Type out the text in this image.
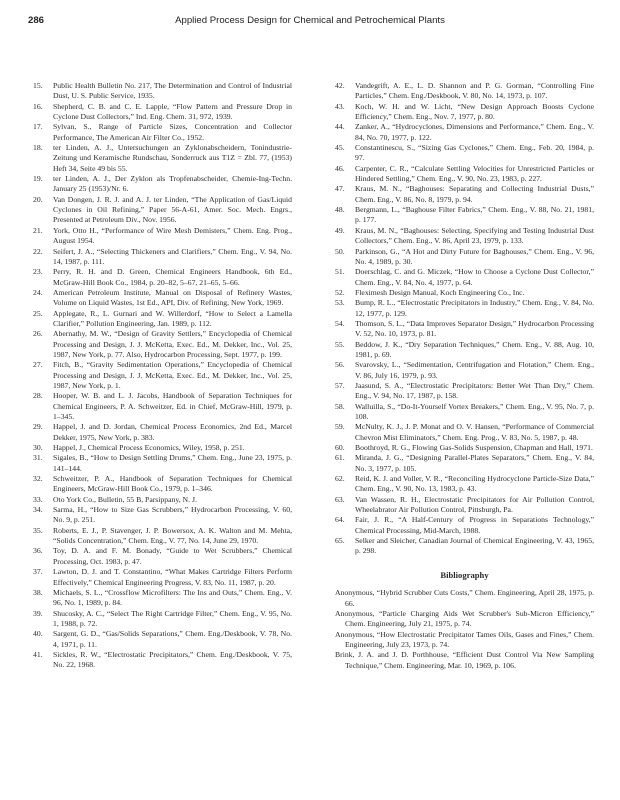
286	Applied Process Design for Chemical and Petrochemical Plants

15. Public Health Bulletin No. 217, The Determination and Control of Industrial Dust, U. S. Public Service, 1935.

16. Shepherd, C. B. and C. E. Lapple, “Flow Pattern and Pressure Drop in Cyclone Dust Collectors,” Ind. Eng. Chem. 31, 972, 1939.

17. Sylvan, S., Range of Particle Sizes, Concentration and Collector Performance, The American Air Filter Co., 1952.

18. ter Linden, A. J., Untersuchungen an Zyklonabscheidern, Tonindustrie-Zeitung und Keramische Rundschau, Sonderruck aus T1Z = Zbl. 77, (1953) Heft 34, Seite 49 bis 55.

19. ter Linden, A. J., Der Zyklon als Tropfenabscheider, Chemie-Ing-Techn. January 25 (1953)/Nr. 6.

20. Van Dongen, J. R. J. and A. J. ter Linden, “The Application of Gas/Liquid Cyclones in Oil Refining,” Paper 56-A-61, Amer. Soc. Mech. Engrs., Presented at Petroleum Div., Nov. 1956.

21. York, Otto H., “Performance of Wire Mesh Demisters,” Chem. Eng. Prog., August 1954.

22. Seifert, J. A., “Selecting Thickeners and Clarifiers,” Chem. Eng., V. 94, No. 14, 1987, p. 111.

23. Perry, R. H. and D. Green, Chemical Engineers Handbook, 6th Ed., McGraw-Hill Book Co., 1984, p. 20–82, 5–67, 21–65, 5–66.

24. American Petroleum Institute, Manual on Disposal of Refinery Wastes, Volume on Liquid Wastes, 1st Ed., API, Div. of Refining, New York, 1969.

25. Applegate, R., L. Gurnari and W. Willerdorf, “How to Select a Lamella Clarifier,” Pollution Engineering, Jan. 1989, p. 112.

26. Abernathy, M. W., “Design of Gravity Settlers,” Encyclopedia of Chemical Processing and Design, J. J. McKetta, Exec. Ed., M. Dekker, Inc., Vol. 25, 1987, New York, p. 77. Also, Hydrocarbon Processing, Sept. 1977, p. 199.

27. Fitch, B., “Gravity Sedimentation Operations,” Encyclopedia of Chemical Processing and Design, J. J. McKetta, Exec. Ed., M. Dekker, Inc., Vol. 25, 1987, New York, p. 1.

28. Hooper, W. B. and L. J. Jacobs, Handbook of Separation Techniques for Chemical Engineers, P. A. Schweitzer, Ed. in Chief, McGraw-Hill, 1979, p. 1–345.

29. Happel, J. and D. Jordan, Chemical Process Economics, 2nd Ed., Marcel Dekker, 1975, New York, p. 383.

30. Happel, J., Chemical Process Economics, Wiley, 1958, p. 251.

31. Sigales, B., “How to Design Settling Drums,” Chem. Eng., June 23, 1975, p. 141–144.

32. Schweitzer, P. A., Handbook of Separation Techniques for Chemical Engineers, McGraw-Hill Book Co., 1979, p. 1–346.

33. Oto York Co., Bulletin, 55 B, Parsippany, N. J.

34. Sarma, H., “How to Size Gas Scrubbers,” Hydrocarbon Processing, V. 60, No. 9, p. 251.

35. Roberts, E. J., P. Stavenger, J. P. Bowersox, A. K. Walton and M. Mehta, “Solids Concentration,” Chem. Eng., V. 77, No. 14, June 29, 1970.

36. Toy, D. A. and F. M. Bonady, “Guide to Wet Scrubbers,” Chemical Processing, Oct. 1983, p. 47.

37. Lawton, D. J. and T. Constantino, “What Makes Cartridge Filters Perform Effectively,” Chemical Engineering Progress, V. 83, No. 11, 1987, p. 20.

38. Michaels, S. L., “Crossflow Microfilters: The Ins and Outs,” Chem. Eng., V. 96, No. 1, 1989, p. 84.

39. Shucosky, A. C., “Select The Right Cartridge Filter,” Chem. Eng., V. 95, No. 1, 1988, p. 72.

40. Sargent, G. D., “Gas/Solids Separations,” Chem. Eng./Deskbook, V. 78, No. 4, 1971, p. 11.

41. Sickles, R. W., “Electrostatic Precipitators,” Chem. Eng./Deskbook, V. 75, No. 22, 1968.

42. Vandegrift, A. E., L. D. Shannon and P. G. Gorman, “Controlling Fine Particles,” Chem. Eng./Deskbook, V. 80, No. 14, 1973, p. 107.

43. Koch, W. H. and W. Licht, “New Design Approach Boosts Cyclone Efficiency,” Chem. Eng., Nov. 7, 1977, p. 80.

44. Zanker, A., “Hydrocyclones, Dimensions and Performance,” Chem. Eng., V. 84, No. 70, 1977, p. 122.

45. Constantinescu, S., “Sizing Gas Cyclones,” Chem. Eng., Feb. 20, 1984, p. 97.

46. Carpenter, C. R., “Calculate Settling Velocities for Unrestricted Particles or Hindered Settling,” Chem. Eng., V. 90, No. 23, 1983, p. 227.

47. Kraus, M. N., “Baghouses: Separating and Collecting Industrial Dusts,” Chem. Eng., V. 86, No. 8, 1979, p. 94.

48. Bergmann, L., “Baghouse Filter Fabrics,” Chem. Eng., V. 88, No. 21, 1981, p. 177.

49. Kraus, M. N., “Baghouses: Selecting, Specifying and Testing Industrial Dust Collectors,” Chem. Eng., V. 86, April 23, 1979, p. 133.

50. Parkinson, G., “A Hot and Dirty Future for Baghouses,” Chem. Eng., V. 96, No. 4, 1989, p. 30.

51. Doerschlag, C. and G. Miczek, “How to Choose a Cyclone Dust Collector,” Chem. Eng., V. 84, No. 4, 1977, p. 64.

52. Fleximesh Design Manual, Koch Engineering Co., Inc.

53. Bump, R. L., “Electrostatic Precipitators in Industry,” Chem. Eng., V. 84, No. 12, 1977, p. 129.

54. Thomson, S. L., “Data Improves Separator Design,” Hydrocarbon Processing V. 52, No. 10, 1973, p. 81.

55. Beddow, J. K., “Dry Separation Techniques,” Chem. Eng., V. 88, Aug. 10, 1981, p. 69.

56. Svarovsky, L., “Sedimentation, Centrifugation and Flotation,” Chem. Eng., V. 86, July 16, 1979, p. 93.

57. Jaasund, S. A., “Electrostatic Precipitators: Better Wet Than Dry,” Chem. Eng., V. 94, No. 17, 1987, p. 158.

58. Walluilla, S., “Do-It-Yourself Vortex Breakers,” Chem. Eng., V. 95, No. 7, p. 108.

59. McNulty, K. J., J. P. Monat and O. V. Hansen, “Performance of Commercial Chevron Mist Eliminators,” Chem. Eng. Prog., V. 83, No. 5, 1987, p. 48.

60. Boothroyd, R. G., Flowing Gas-Solids Suspension, Chapman and Hall, 1971.

61. Miranda, J. G., “Designing Parallel-Plates Separators,” Chem. Eng., V. 84, No. 3, 1977, p. 105.

62. Reid, K. J. and Voller, V. R., “Reconciling Hydrocyclone Particle-Size Data,” Chem. Eng., V. 90, No. 13, 1983, p. 43.

63. Van Wassen, R. H., Electrostatic Precipitators for Air Pollution Control, Wheelabrator Air Pollution Control, Pittsburgh, Pa.

64. Fair, J. R., “A Half-Century of Progress in Separations Technology,” Chemical Processing, Mid-March, 1988.

65. Selker and Sleicher, Canadian Journal of Chemical Engineering, V. 43, 1965, p. 298.

Bibliography

Anonymous, “Hybrid Scrubber Cuts Costs,” Chem. Engineering, April 28, 1975, p. 66.

Anonymous, “Particle Charging Aids Wet Scrubber's Sub-Micron Efficiency,” Chem. Engineering, July 21, 1975, p. 74.

Anonymous, “How Electrostatic Precipitator Tames Oils, Gases and Fines,” Chem. Engineering, July 23, 1973, p. 74.

Brink, J. A. and J. D. Porthhouse, “Efficient Dust Control Via New Sampling Technique,” Chem. Engineering, Mar. 10, 1969, p. 106.
